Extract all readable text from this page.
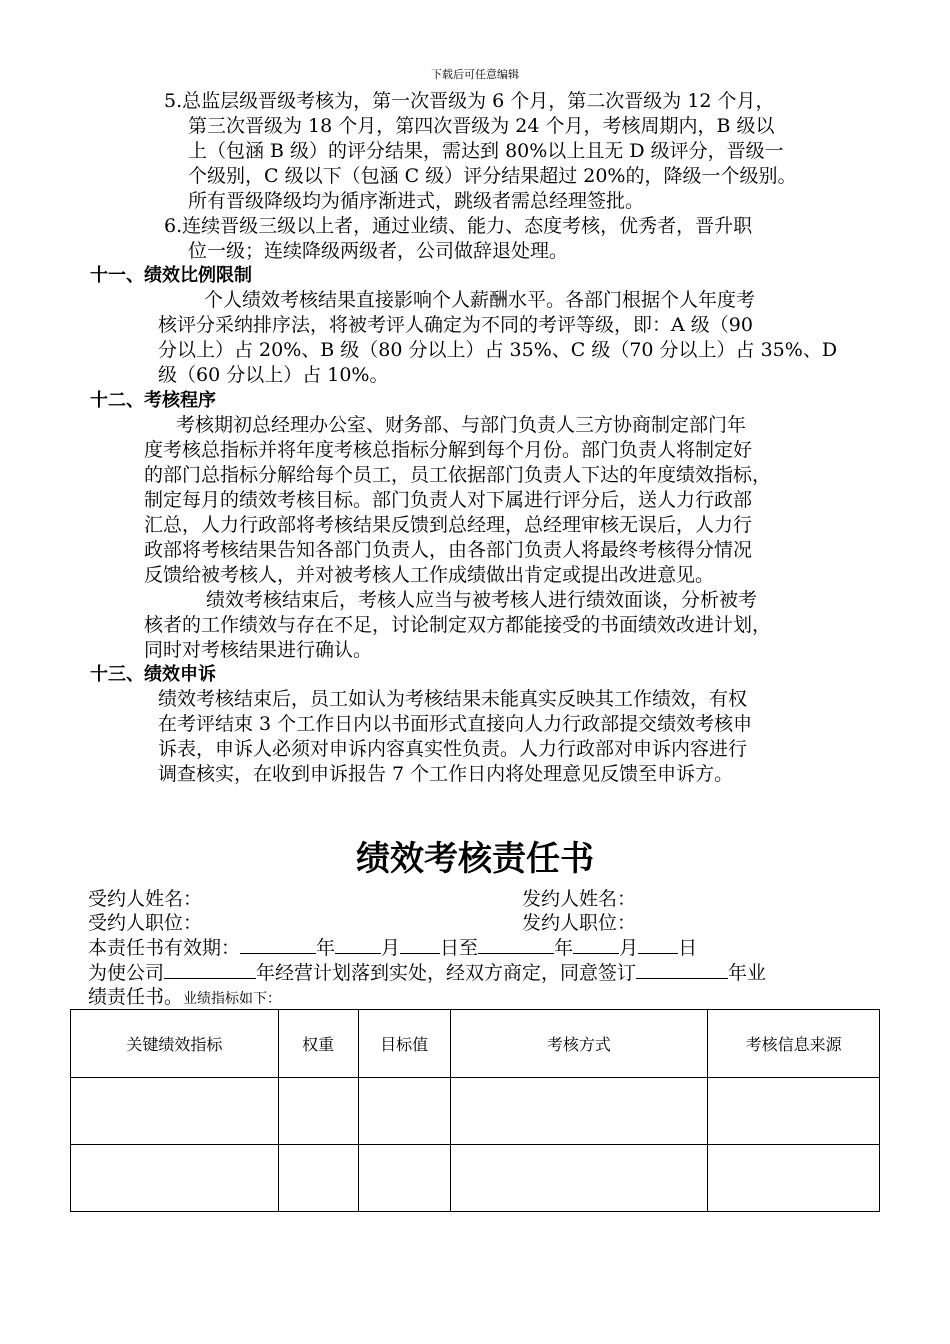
下载后可任意编辑
5.总监层级晋级考核为，第一次晋级为 6 个月，第二次晋级为 12 个月，
第三次晋级为 18 个月，第四次晋级为 24 个月，考核周期内，B 级以
上（包涵 B 级）的评分结果，需达到 80%以上且无 D 级评分，晋级一
个级别，C 级以下（包涵 C 级）评分结果超过 20%的，降级一个级别。
所有晋级降级均为循序渐进式，跳级者需总经理签批。
6.连续晋级三级以上者，通过业绩、能力、态度考核，优秀者，晋升职
位一级；连续降级两级者，公司做辞退处理。
十一、绩效比例限制
个人绩效考核结果直接影响个人薪酬水平。各部门根据个人年度考
核评分采纳排序法，将被考评人确定为不同的考评等级，即：A 级（90
分以上）占 20%、B 级（80 分以上）占 35%、C 级（70 分以上）占 35%、D
级（60 分以上）占 10%。
十二、考核程序
考核期初总经理办公室、财务部、与部门负责人三方协商制定部门年
度考核总指标并将年度考核总指标分解到每个月份。部门负责人将制定好
的部门总指标分解给每个员工，员工依据部门负责人下达的年度绩效指标，
制定每月的绩效考核目标。部门负责人对下属进行评分后，送人力行政部
汇总，人力行政部将考核结果反馈到总经理，总经理审核无误后，人力行
政部将考核结果告知各部门负责人，由各部门负责人将最终考核得分情况
反馈给被考核人，并对被考核人工作成绩做出肯定或提出改进意见。
绩效考核结束后，考核人应当与被考核人进行绩效面谈，分析被考
核者的工作绩效与存在不足，讨论制定双方都能接受的书面绩效改进计划，
同时对考核结果进行确认。
十三、绩效申诉
绩效考核结束后，员工如认为考核结果未能真实反映其工作绩效，有权
在考评结束 3 个工作日内以书面形式直接向人力行政部提交绩效考核申
诉表，申诉人必须对申诉内容真实性负责。人力行政部对申诉内容进行
调查核实，在收到申诉报告 7 个工作日内将处理意见反馈至申诉方。
绩效考核责任书
受约人姓名：	发约人姓名：
受约人职位：	发约人职位：
本责任书有效期：	年 月 日至	年 月 日
为使公司	年经营计划落到实处，经双方商定，同意签订	年业
绩责任书。业绩指标如下：
关键绩效指标	权重	目标值	考核方式	考核信息来源
